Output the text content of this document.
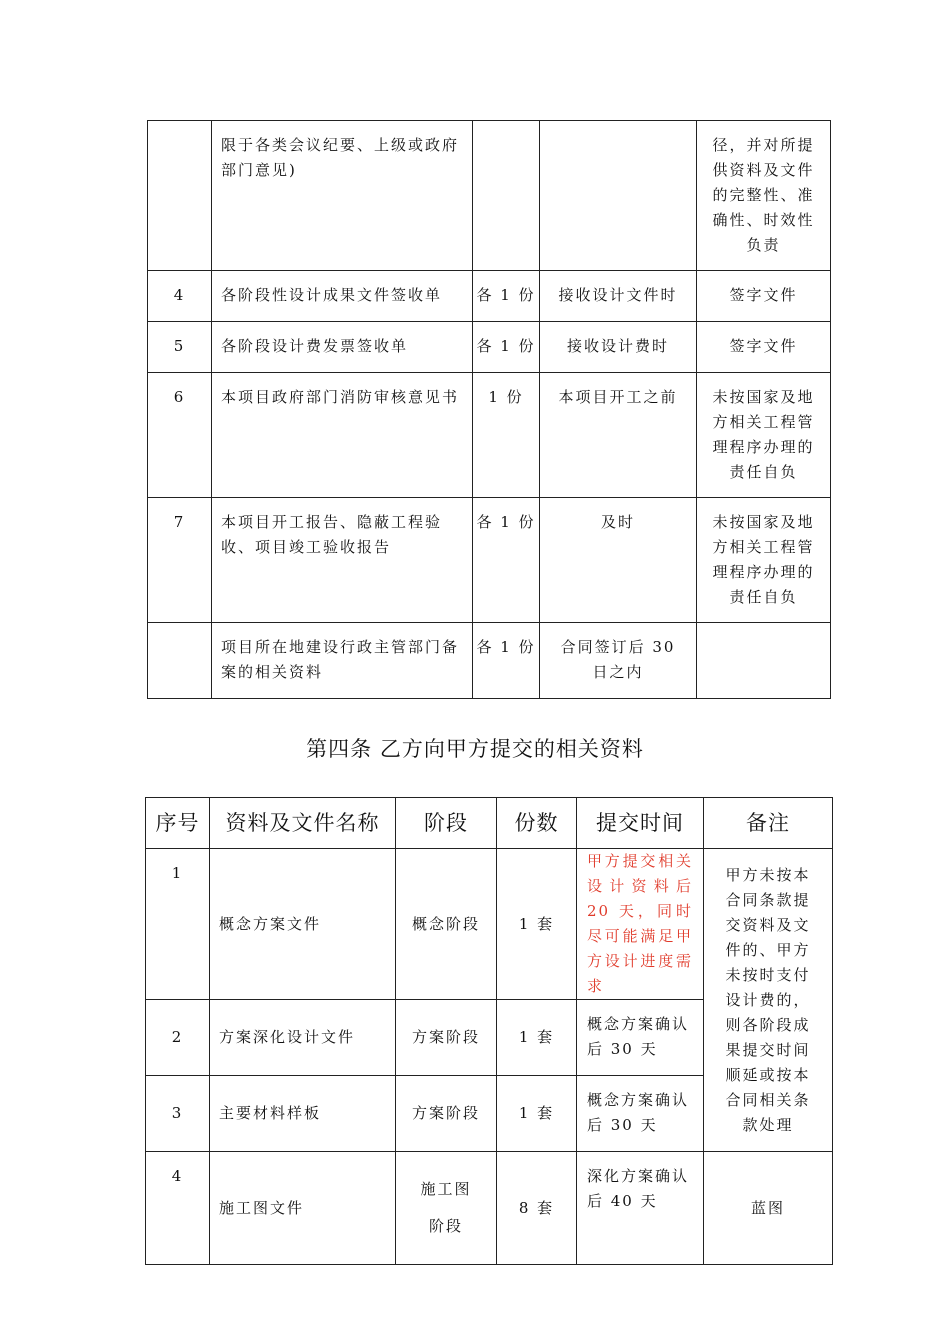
	限于各类会议纪要、上级或政府部门意见)			径，并对所提供资料及文件的完整性、准确性、时效性负责
4	各阶段性设计成果文件签收单	各 1 份	接收设计文件时	签字文件
5	各阶段设计费发票签收单	各 1 份	接收设计费时	签字文件
6	本项目政府部门消防审核意见书	1 份	本项目开工之前	未按国家及地方相关工程管理程序办理的责任自负
7	本项目开工报告、隐蔽工程验收、项目竣工验收报告	各 1 份	及时	未按国家及地方相关工程管理程序办理的责任自负
	项目所在地建设行政主管部门备案的相关资料	各 1 份	合同签订后 30 日之内	
第四条 乙方向甲方提交的相关资料
序号	资料及文件名称	阶段	份数	提交时间	备注
1	概念方案文件	概念阶段	1 套	甲方提交相关设计资料后 20 天，同时尽可能满足甲方设计进度需求	甲方未按本合同条款提交资料及文件的、甲方未按时支付设计费的，则各阶段成果提交时间顺延或按本合同相关条款处理
2	方案深化设计文件	方案阶段	1 套	概念方案确认后 30 天	
3	主要材料样板	方案阶段	1 套	概念方案确认后 30 天	
4	施工图文件	施工图阶段	8 套	深化方案确认后 40 天	蓝图
